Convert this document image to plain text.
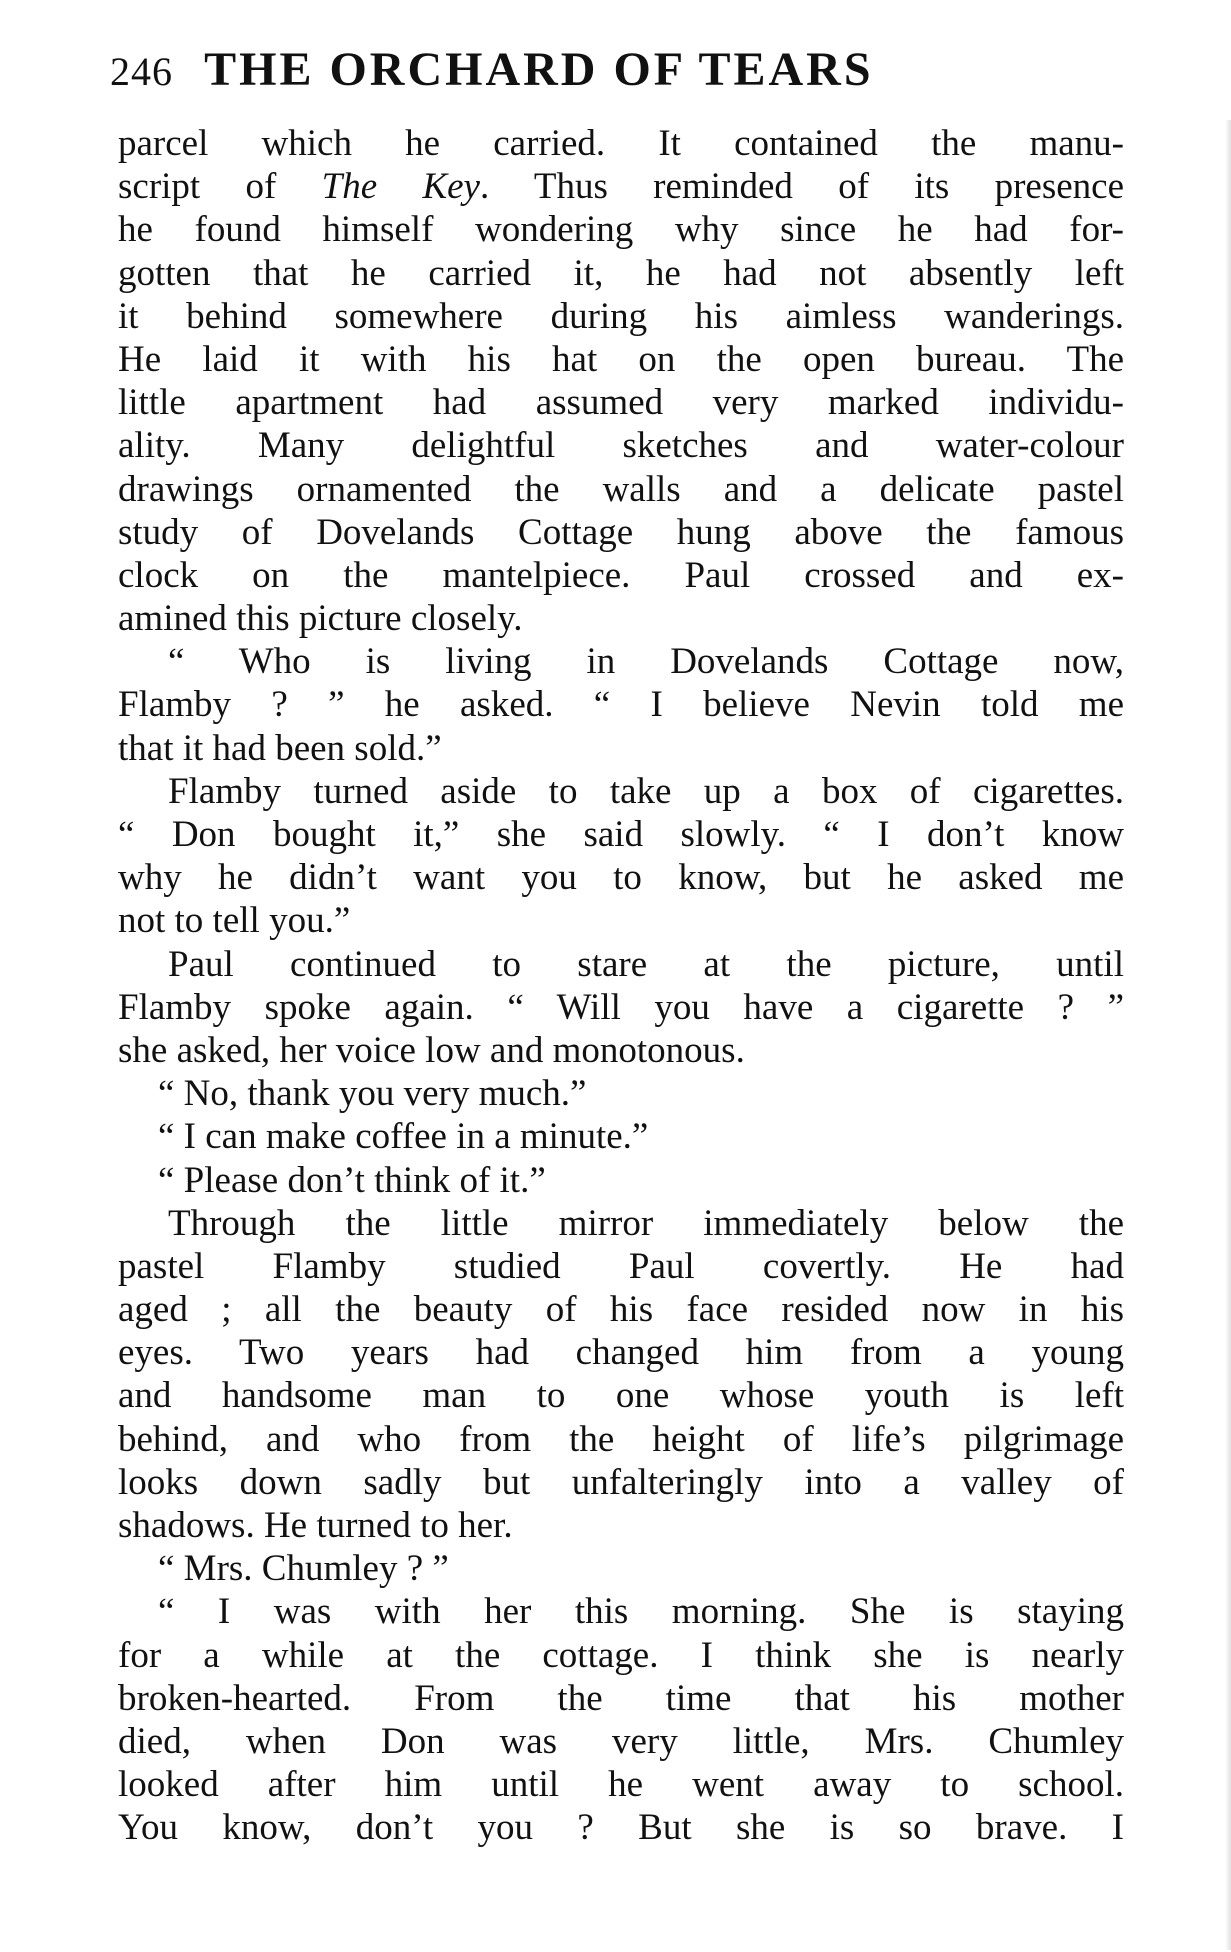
246 THE ORCHARD OF TEARS
parcel which he carried. It contained the manu-
script of The Key. Thus reminded of its presence
he found himself wondering why since he had for-
gotten that he carried it, he had not absently left
it behind somewhere during his aimless wanderings.
He laid it with his hat on the open bureau. The
little apartment had assumed very marked individu-
ality. Many delightful sketches and water-colour
drawings ornamented the walls and a delicate pastel
study of Dovelands Cottage hung above the famous
clock on the mantelpiece. Paul crossed and ex-
amined this picture closely.
“ Who is living in Dovelands Cottage now,
Flamby ? ” he asked. “ I believe Nevin told me
that it had been sold.”
Flamby turned aside to take up a box of cigarettes.
“ Don bought it,” she said slowly. “ I don’t know
why he didn’t want you to know, but he asked me
not to tell you.”
Paul continued to stare at the picture, until
Flamby spoke again. “ Will you have a cigarette ? ”
she asked, her voice low and monotonous.
“ No, thank you very much.”
“ I can make coffee in a minute.”
“ Please don’t think of it.”
Through the little mirror immediately below the
pastel Flamby studied Paul covertly. He had
aged ; all the beauty of his face resided now in his
eyes. Two years had changed him from a young
and handsome man to one whose youth is left
behind, and who from the height of life’s pilgrimage
looks down sadly but unfalteringly into a valley of
shadows. He turned to her.
“ Mrs. Chumley ? ”
“ I was with her this morning. She is staying
for a while at the cottage. I think she is nearly
broken-hearted. From the time that his mother
died, when Don was very little, Mrs. Chumley
looked after him until he went away to school.
You know, don’t you ? But she is so brave. I
